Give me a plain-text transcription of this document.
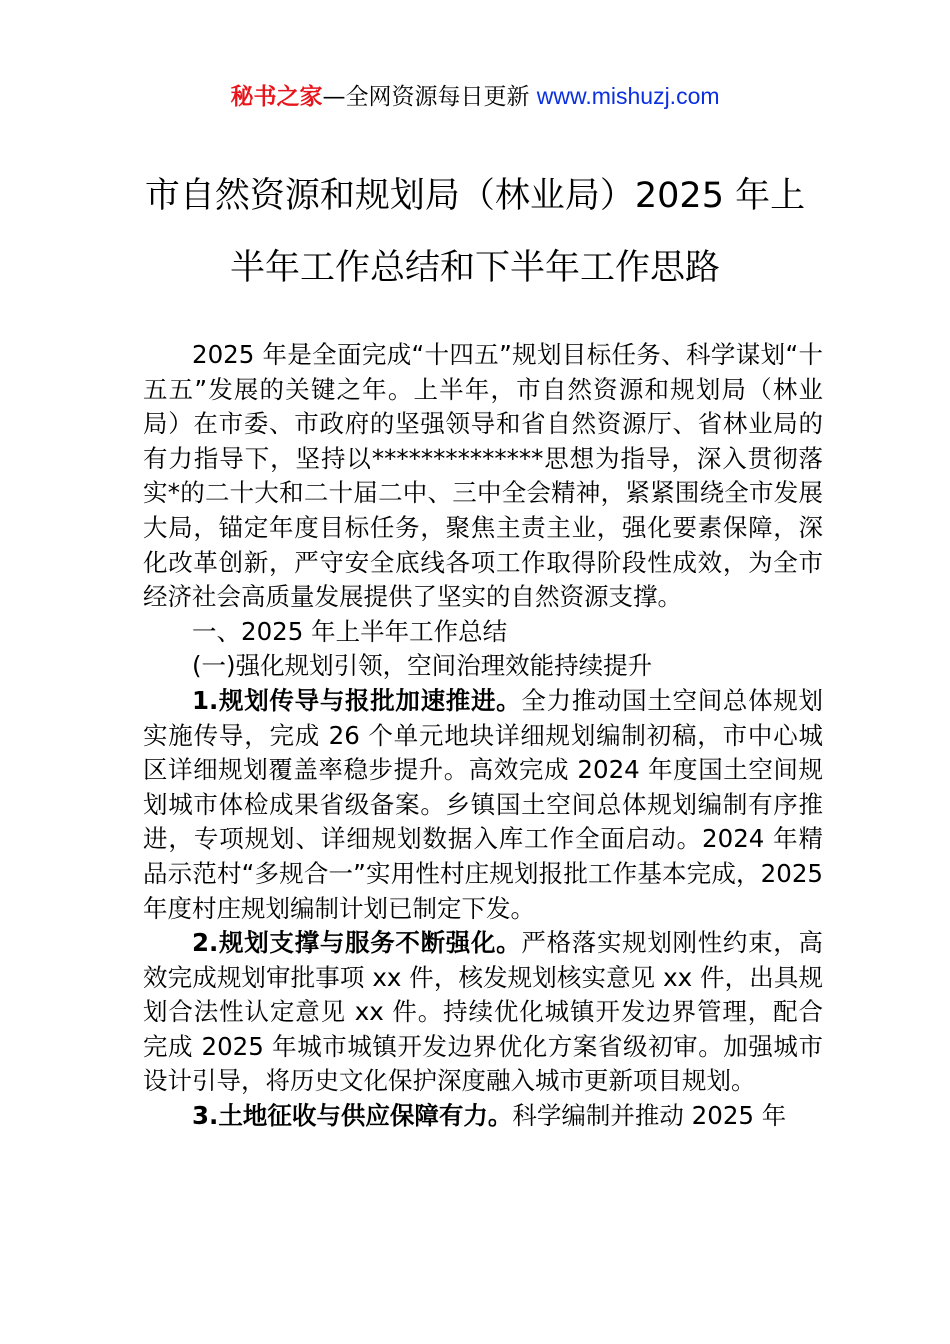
秘书之家—全网资源每日更新 www.mishuzj.com
市自然资源和规划局（林业局）2025 年上
半年工作总结和下半年工作思路

2025 年是全面完成“十四五”规划目标任务、科学谋划“十五五”发展的关键之年。上半年，市自然资源和规划局（林业局）在市委、市政府的坚强领导和省自然资源厅、省林业局的有力指导下，坚持以**************思想为指导，深入贯彻落实*的二十大和二十届二中、三中全会精神，紧紧围绕全市发展大局，锚定年度目标任务，聚焦主责主业，强化要素保障，深化改革创新，严守安全底线各项工作取得阶段性成效，为全市经济社会高质量发展提供了坚实的自然资源支撑。

一、2025 年上半年工作总结

(一)强化规划引领，空间治理效能持续提升

1.规划传导与报批加速推进。全力推动国土空间总体规划实施传导，完成 26 个单元地块详细规划编制初稿，市中心城区详细规划覆盖率稳步提升。高效完成 2024 年度国土空间规划城市体检成果省级备案。乡镇国土空间总体规划编制有序推进，专项规划、详细规划数据入库工作全面启动。2024 年精品示范村“多规合一”实用性村庄规划报批工作基本完成，2025 年度村庄规划编制计划已制定下发。

2.规划支撑与服务不断强化。严格落实规划刚性约束，高效完成规划审批事项 xx 件，核发规划核实意见 xx 件，出具规划合法性认定意见 xx 件。持续优化城镇开发边界管理，配合完成 2025 年城市城镇开发边界优化方案省级初审。加强城市设计引导，将历史文化保护深度融入城市更新项目规划。

3.土地征收与供应保障有力。科学编制并推动 2025 年
